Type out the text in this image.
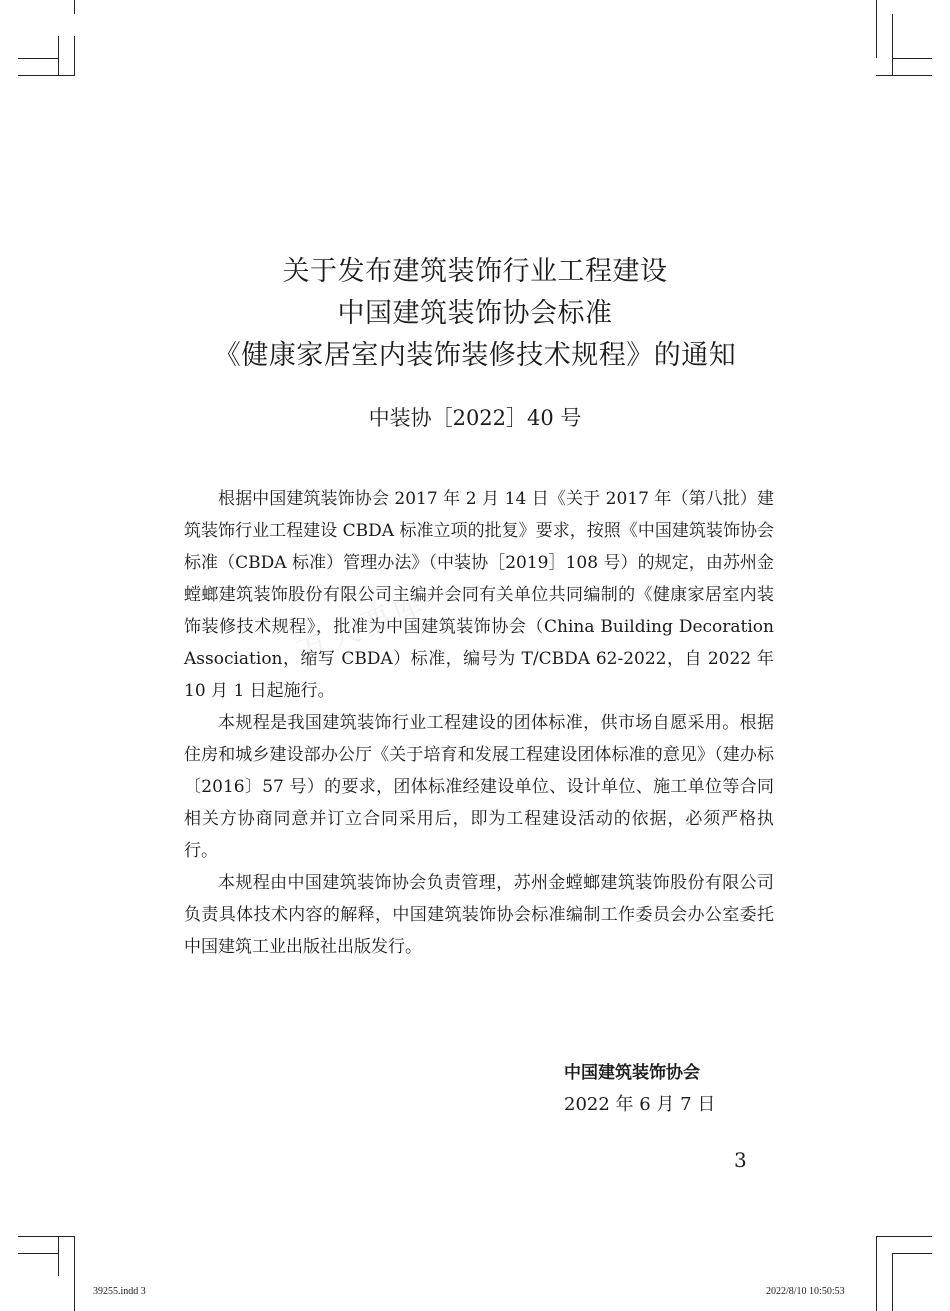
万人要库
关于发布建筑装饰行业工程建设
中国建筑装饰协会标准
《健康家居室内装饰装修技术规程》的通知
中装协［2022］40 号

根据中国建筑装饰协会 2017 年 2 月 14 日《关于 2017 年（第八批）建筑装饰行业工程建设 CBDA 标准立项的批复》要求，按照《中国建筑装饰协会标准（CBDA 标准）管理办法》（中装协［2019］108 号）的规定，由苏州金螳螂建筑装饰股份有限公司主编并会同有关单位共同编制的《健康家居室内装饰装修技术规程》，批准为中国建筑装饰协会（China Building Decoration Association，缩写 CBDA）标准，编号为 T/CBDA 62-2022，自 2022 年 10 月 1 日起施行。

本规程是我国建筑装饰行业工程建设的团体标准，供市场自愿采用。根据住房和城乡建设部办公厅《关于培育和发展工程建设团体标准的意见》（建办标〔2016〕57 号）的要求，团体标准经建设单位、设计单位、施工单位等合同相关方协商同意并订立合同采用后，即为工程建设活动的依据，必须严格执行。

本规程由中国建筑装饰协会负责管理，苏州金螳螂建筑装饰股份有限公司负责具体技术内容的解释，中国建筑装饰协会标准编制工作委员会办公室委托中国建筑工业出版社出版发行。

中国建筑装饰协会
2022 年 6 月 7 日
3
39255.indd 3	2022/8/10 10:50:53
